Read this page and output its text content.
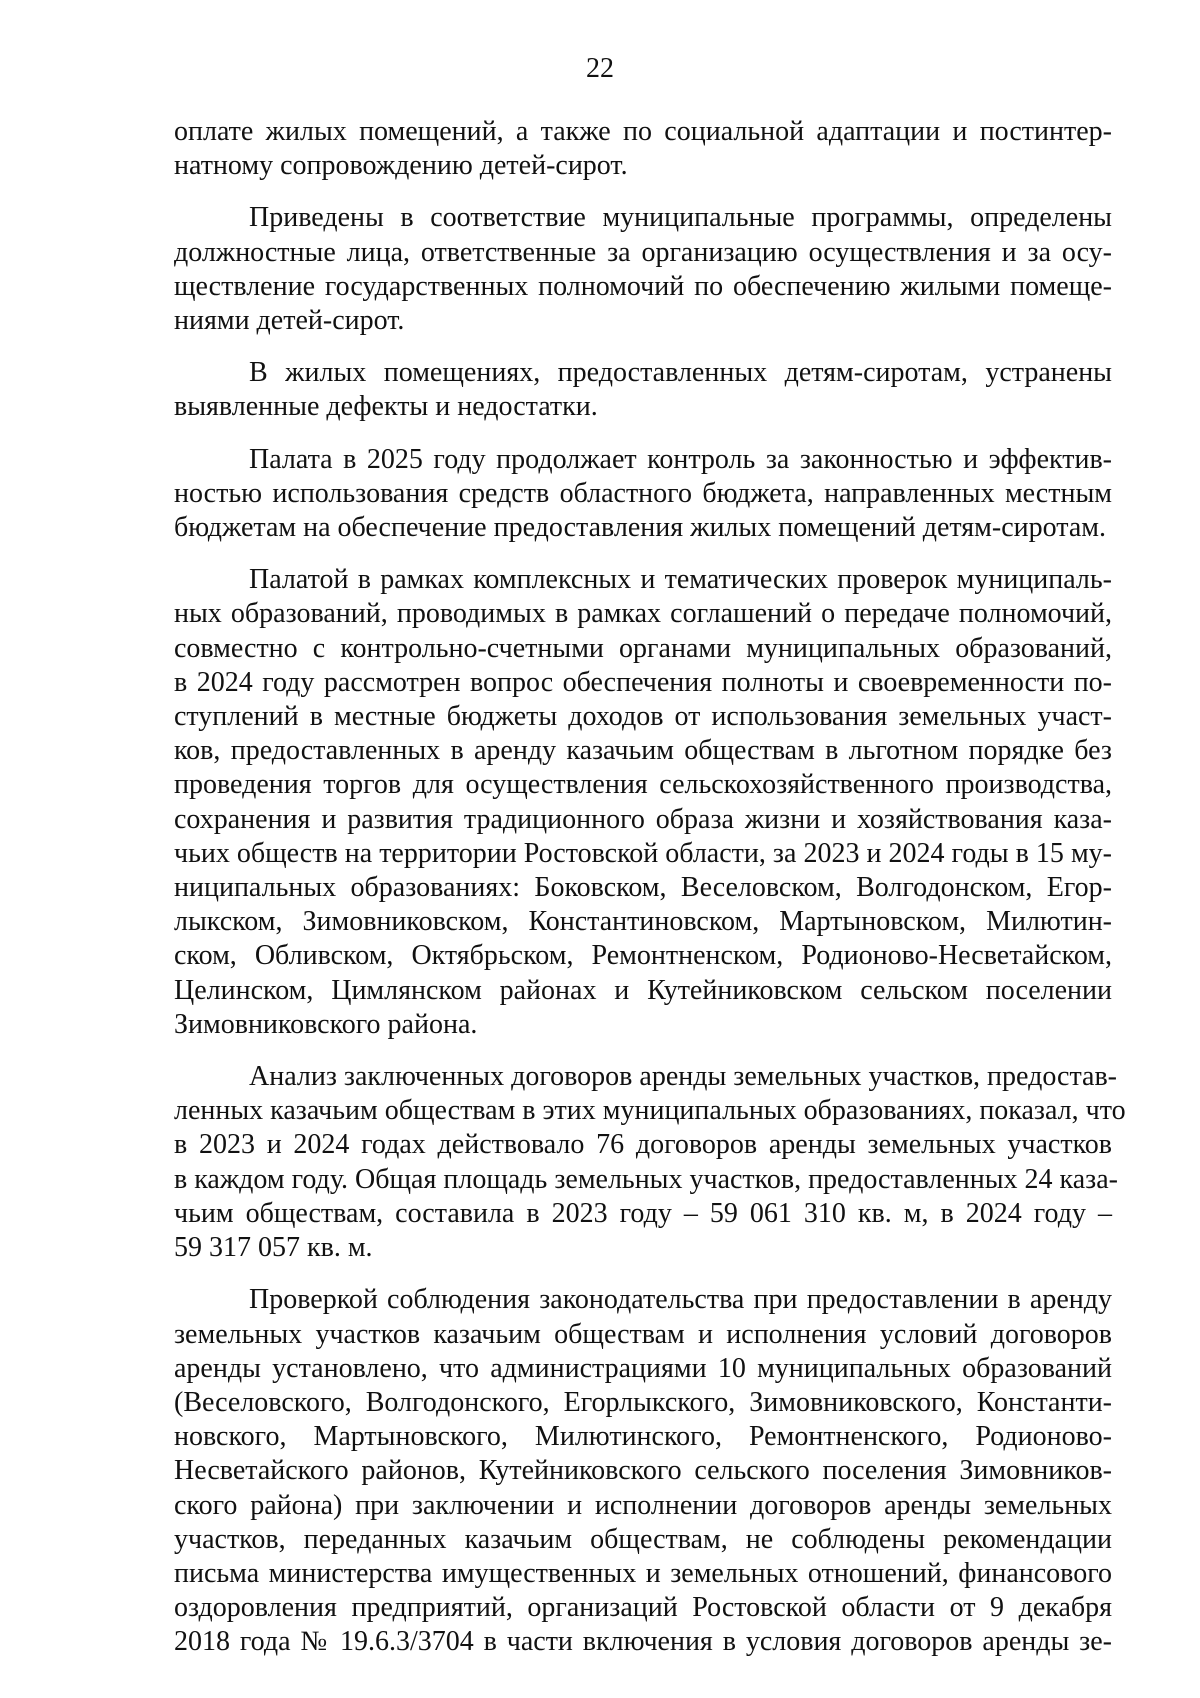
22
оплате жилых помещений, а также по социальной адаптации и постинтер-
натному сопровождению детей-сирот.
Приведены в соответствие муниципальные программы, определены
должностные лица, ответственные за организацию осуществления и за осу-
ществление государственных полномочий по обеспечению жилыми помеще-
ниями детей-сирот.
В жилых помещениях, предоставленных детям-сиротам, устранены
выявленные дефекты и недостатки.
Палата в 2025 году продолжает контроль за законностью и эффектив-
ностью использования средств областного бюджета, направленных местным
бюджетам на обеспечение предоставления жилых помещений детям-сиротам.
Палатой в рамках комплексных и тематических проверок муниципаль-
ных образований, проводимых в рамках соглашений о передаче полномочий,
совместно с контрольно-счетными органами муниципальных образований,
в 2024 году рассмотрен вопрос обеспечения полноты и своевременности по-
ступлений в местные бюджеты доходов от использования земельных участ-
ков, предоставленных в аренду казачьим обществам в льготном порядке без
проведения торгов для осуществления сельскохозяйственного производства,
сохранения и развития традиционного образа жизни и хозяйствования каза-
чьих обществ на территории Ростовской области, за 2023 и 2024 годы в 15 му-
ниципальных образованиях: Боковском, Веселовском, Волгодонском, Егор-
лыкском, Зимовниковском, Константиновском, Мартыновском, Милютин-
ском, Обливском, Октябрьском, Ремонтненском, Родионово-Несветайском,
Целинском, Цимлянском районах и Кутейниковском сельском поселении
Зимовниковского района.
Анализ заключенных договоров аренды земельных участков, предостав-
ленных казачьим обществам в этих муниципальных образованиях, показал, что
в 2023 и 2024 годах действовало 76 договоров аренды земельных участков
в каждом году. Общая площадь земельных участков, предоставленных 24 каза-
чьим обществам, составила в 2023 году – 59 061 310 кв. м, в 2024 году –
59 317 057 кв. м.
Проверкой соблюдения законодательства при предоставлении в аренду
земельных участков казачьим обществам и исполнения условий договоров
аренды установлено, что администрациями 10 муниципальных образований
(Веселовского, Волгодонского, Егорлыкского, Зимовниковского, Константи-
новского, Мартыновского, Милютинского, Ремонтненского, Родионово-
Несветайского районов, Кутейниковского сельского поселения Зимовников-
ского района) при заключении и исполнении договоров аренды земельных
участков, переданных казачьим обществам, не соблюдены рекомендации
письма министерства имущественных и земельных отношений, финансового
оздоровления предприятий, организаций Ростовской области от 9 декабря
2018 года № 19.6.3/3704 в части включения в условия договоров аренды зе-
